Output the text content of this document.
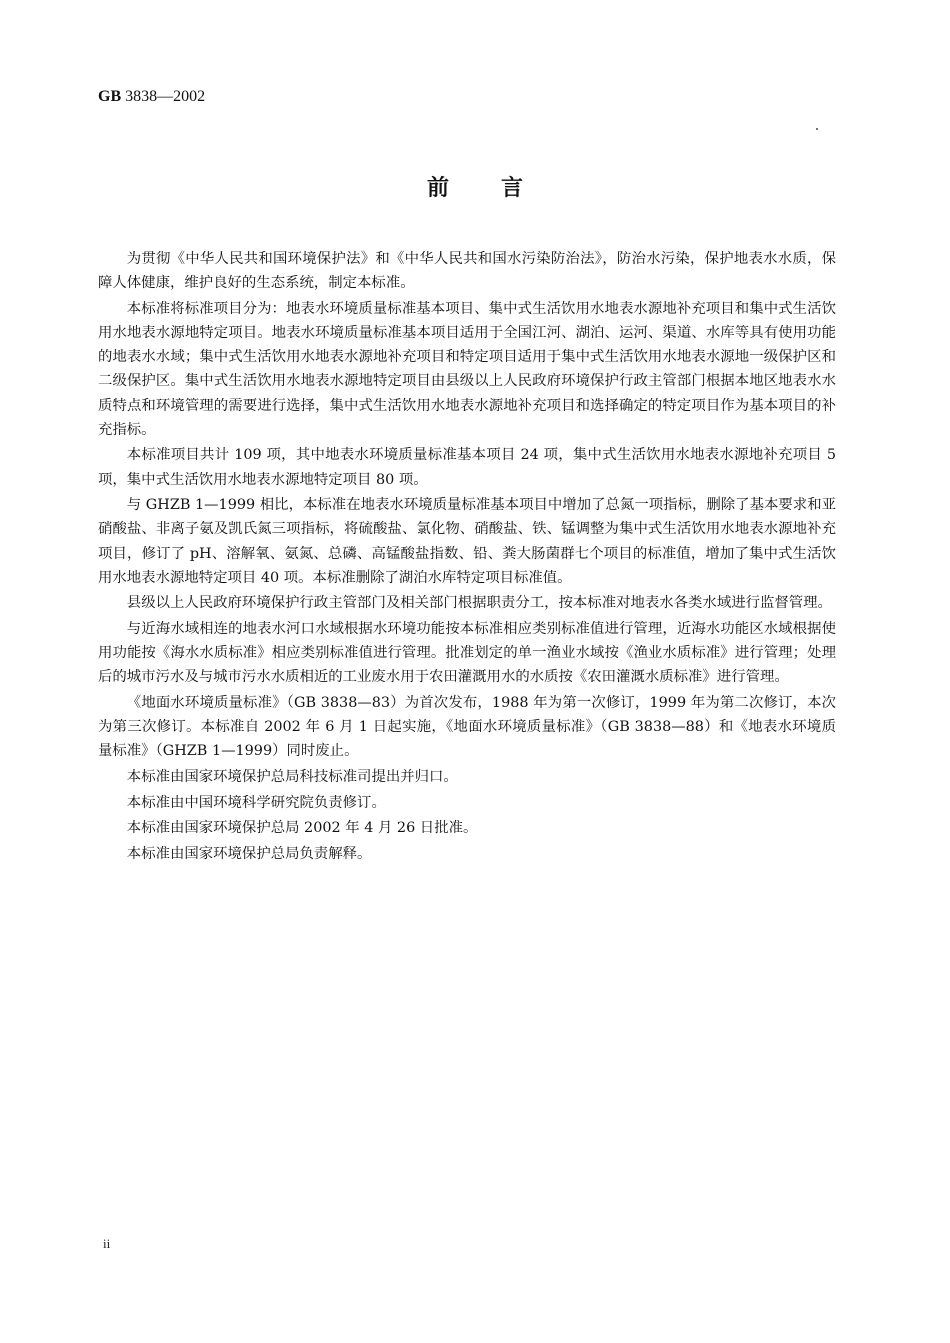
GB 3838—2002
前言

为贯彻《中华人民共和国环境保护法》和《中华人民共和国水污染防治法》，防治水污染，保护地表水水质，保障人体健康，维护良好的生态系统，制定本标准。

本标准将标准项目分为：地表水环境质量标准基本项目、集中式生活饮用水地表水源地补充项目和集中式生活饮用水地表水源地特定项目。地表水环境质量标准基本项目适用于全国江河、湖泊、运河、渠道、水库等具有使用功能的地表水水域；集中式生活饮用水地表水源地补充项目和特定项目适用于集中式生活饮用水地表水源地一级保护区和二级保护区。集中式生活饮用水地表水源地特定项目由县级以上人民政府环境保护行政主管部门根据本地区地表水水质特点和环境管理的需要进行选择，集中式生活饮用水地表水源地补充项目和选择确定的特定项目作为基本项目的补充指标。

本标准项目共计 109 项，其中地表水环境质量标准基本项目 24 项，集中式生活饮用水地表水源地补充项目 5 项，集中式生活饮用水地表水源地特定项目 80 项。

与 GHZB 1—1999 相比，本标准在地表水环境质量标准基本项目中增加了总氮一项指标，删除了基本要求和亚硝酸盐、非离子氨及凯氏氮三项指标，将硫酸盐、氯化物、硝酸盐、铁、锰调整为集中式生活饮用水地表水源地补充项目，修订了 pH、溶解氧、氨氮、总磷、高锰酸盐指数、铅、粪大肠菌群七个项目的标准值，增加了集中式生活饮用水地表水源地特定项目 40 项。本标准删除了湖泊水库特定项目标准值。

县级以上人民政府环境保护行政主管部门及相关部门根据职责分工，按本标准对地表水各类水域进行监督管理。

与近海水域相连的地表水河口水域根据水环境功能按本标准相应类别标准值进行管理，近海水功能区水域根据使用功能按《海水水质标准》相应类别标准值进行管理。批准划定的单一渔业水域按《渔业水质标准》进行管理；处理后的城市污水及与城市污水水质相近的工业废水用于农田灌溉用水的水质按《农田灌溉水质标准》进行管理。

《地面水环境质量标准》（GB 3838—83）为首次发布，1988 年为第一次修订，1999 年为第二次修订，本次为第三次修订。本标准自 2002 年 6 月 1 日起实施，《地面水环境质量标准》（GB 3838—88）和《地表水环境质量标准》（GHZB 1—1999）同时废止。

本标准由国家环境保护总局科技标准司提出并归口。

本标准由中国环境科学研究院负责修订。

本标准由国家环境保护总局 2002 年 4 月 26 日批准。

本标准由国家环境保护总局负责解释。

ii
